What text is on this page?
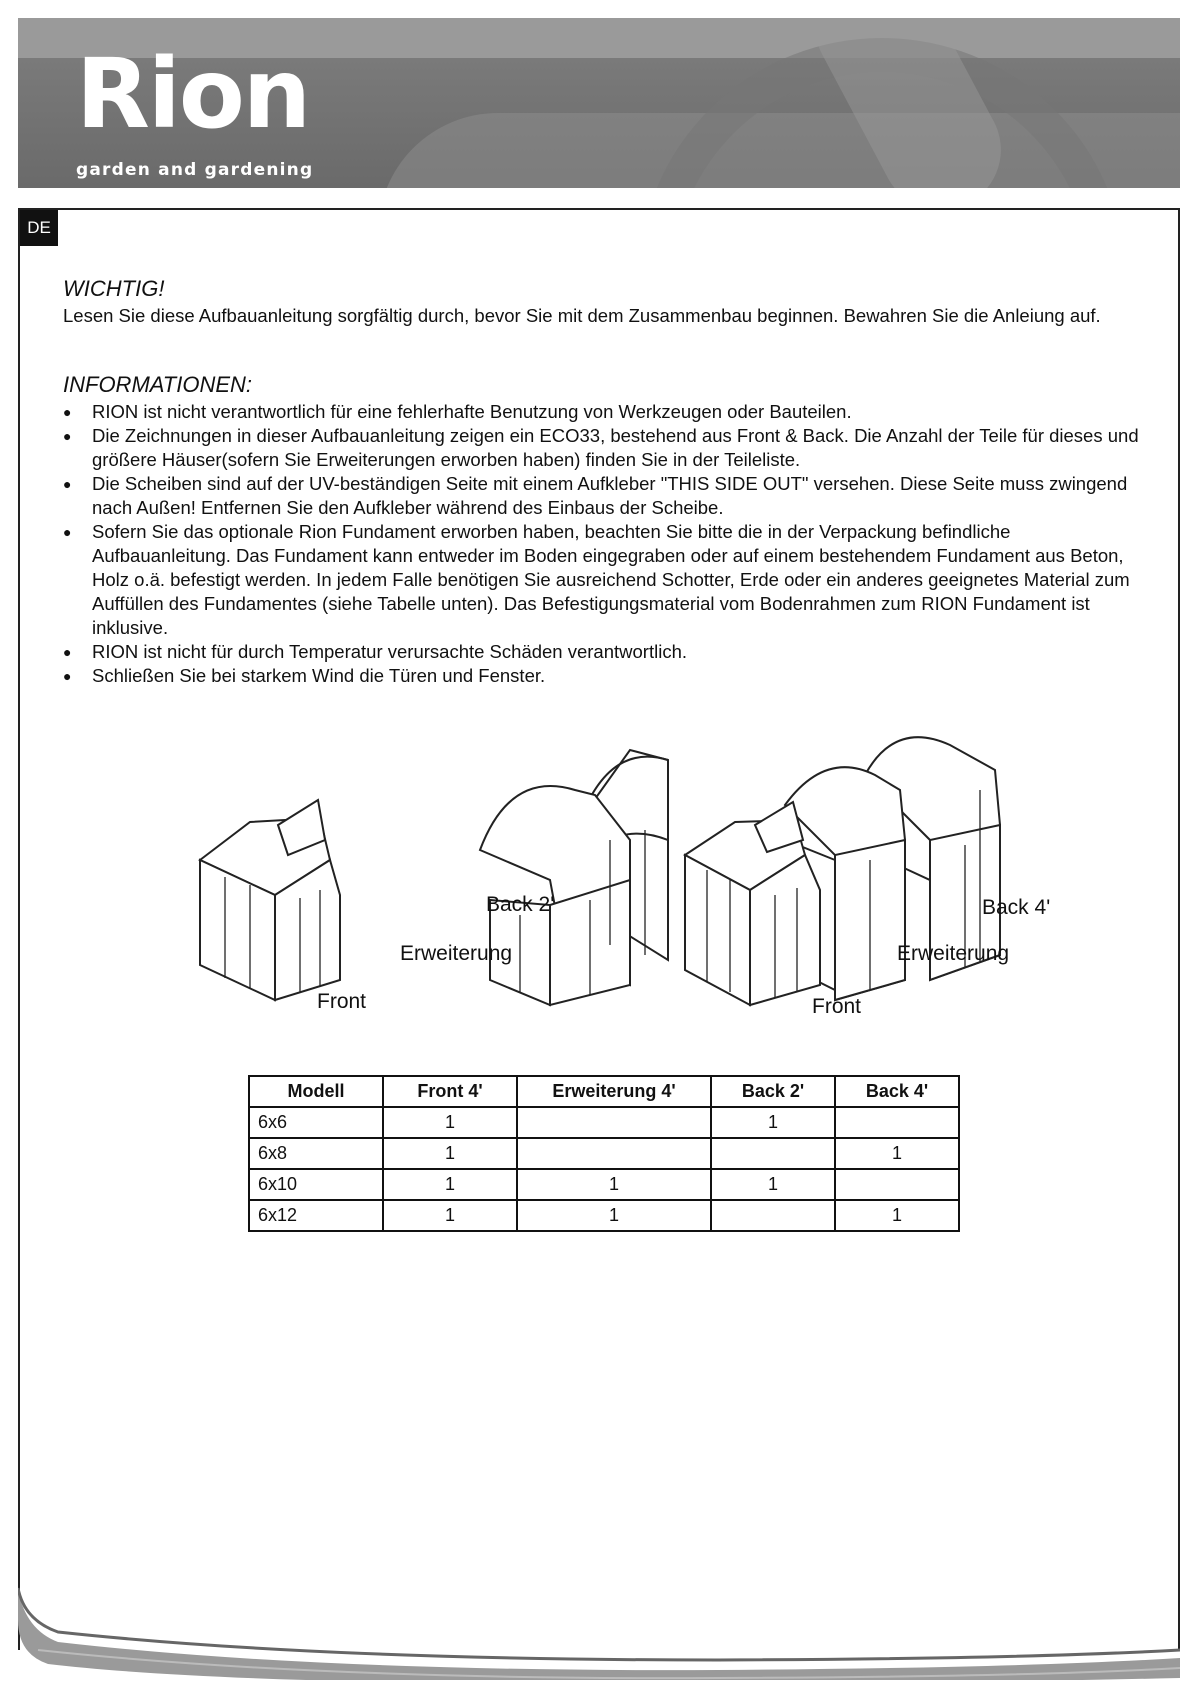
Rion
garden and gardening
DE
WICHTIG!
Lesen Sie diese Aufbauanleitung sorgfältig durch, bevor Sie mit dem Zusammenbau beginnen. Bewahren Sie die Anleiung auf.
INFORMATIONEN:
● RION ist nicht verantwortlich für eine fehlerhafte Benutzung von Werkzeugen oder Bauteilen.
● Die Zeichnungen in dieser Aufbauanleitung zeigen ein ECO33, bestehend aus Front & Back. Die Anzahl der Teile für dieses und größere Häuser(sofern Sie Erweiterungen erworben haben) finden Sie in der Teileliste.
● Die Scheiben sind auf der UV-beständigen Seite mit einem Aufkleber "THIS SIDE OUT" versehen. Diese Seite muss zwingend nach Außen! Entfernen Sie den Aufkleber während des Einbaus der Scheibe.
● Sofern Sie das optionale Rion Fundament erworben haben, beachten Sie bitte die in der Verpackung befindliche Aufbauanleitung. Das Fundament kann entweder im Boden eingegraben oder auf einem bestehendem Fundament aus Beton, Holz o.ä. befestigt werden. In jedem Falle benötigen Sie ausreichend Schotter, Erde oder ein anderes geeignetes Material zum Auffüllen des Fundamentes (siehe Tabelle unten). Das Befestigungsmaterial vom Bodenrahmen zum RION Fundament ist inklusive.
● RION ist nicht für durch Temperatur verursachte Schäden verantwortlich.
● Schließen Sie bei starkem Wind die Türen und Fenster.
Back 2'
Erweiterung
Front
Back 4'
Erweiterung
Front
Modell	Front 4'	Erweiterung 4'	Back 2'	Back 4'
6x6	1		1	
6x8	1			1
6x10	1	1	1	
6x12	1	1		1
